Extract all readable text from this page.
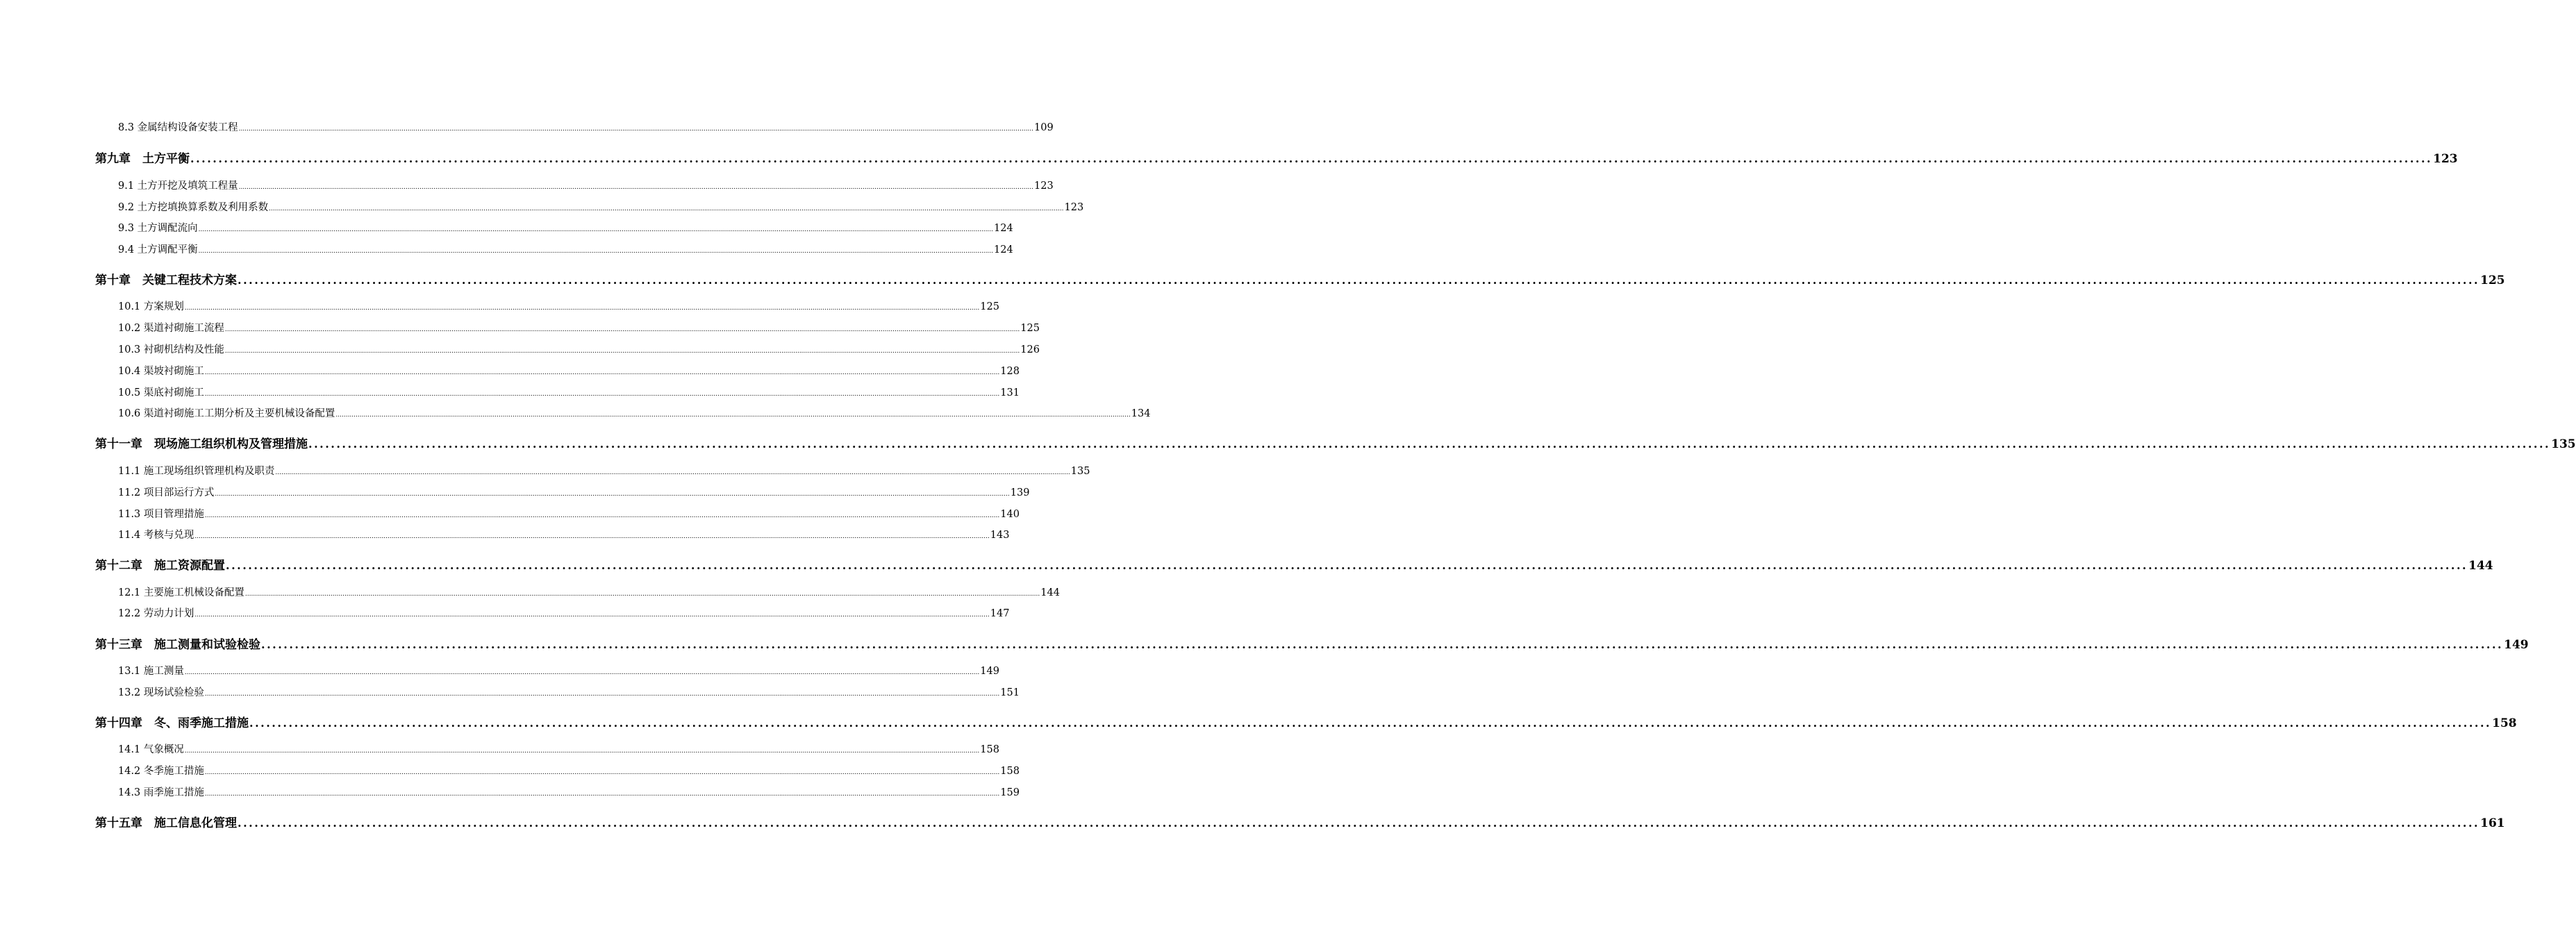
8.3 金属结构设备安装工程 ................................................................................................................................................................................................................................................................................................................................................................................................................ 109
第九章　土方平衡 ................................................................................................................................................................................................................................................................................................................................................................................................................ 123
9.1 土方开挖及填筑工程量 ................................................................................................................................................................................................................................................................................................................................................................................................................ 123
9.2 土方挖填换算系数及利用系数 ................................................................................................................................................................................................................................................................................................................................................................................................................ 123
9.3 土方调配流向 ................................................................................................................................................................................................................................................................................................................................................................................................................ 124
9.4 土方调配平衡 ................................................................................................................................................................................................................................................................................................................................................................................................................ 124
第十章　关键工程技术方案 ................................................................................................................................................................................................................................................................................................................................................................................................................ 125
10.1 方案规划 ................................................................................................................................................................................................................................................................................................................................................................................................................ 125
10.2 渠道衬砌施工流程 ................................................................................................................................................................................................................................................................................................................................................................................................................ 125
10.3 衬砌机结构及性能 ................................................................................................................................................................................................................................................................................................................................................................................................................ 126
10.4 渠坡衬砌施工 ................................................................................................................................................................................................................................................................................................................................................................................................................ 128
10.5 渠底衬砌施工 ................................................................................................................................................................................................................................................................................................................................................................................................................ 131
10.6 渠道衬砌施工工期分析及主要机械设备配置 ................................................................................................................................................................................................................................................................................................................................................................................................................ 134
第十一章　现场施工组织机构及管理措施 ................................................................................................................................................................................................................................................................................................................................................................................................................ 135
11.1 施工现场组织管理机构及职责 ................................................................................................................................................................................................................................................................................................................................................................................................................ 135
11.2 项目部运行方式 ................................................................................................................................................................................................................................................................................................................................................................................................................ 139
11.3 项目管理措施 ................................................................................................................................................................................................................................................................................................................................................................................................................ 140
11.4 考核与兑现 ................................................................................................................................................................................................................................................................................................................................................................................................................ 143
第十二章　施工资源配置 ................................................................................................................................................................................................................................................................................................................................................................................................................ 144
12.1 主要施工机械设备配置 ................................................................................................................................................................................................................................................................................................................................................................................................................ 144
12.2 劳动力计划 ................................................................................................................................................................................................................................................................................................................................................................................................................ 147
第十三章　施工测量和试验检验 ................................................................................................................................................................................................................................................................................................................................................................................................................ 149
13.1 施工测量 ................................................................................................................................................................................................................................................................................................................................................................................................................ 149
13.2 现场试验检验 ................................................................................................................................................................................................................................................................................................................................................................................................................ 151
第十四章　冬、雨季施工措施 ................................................................................................................................................................................................................................................................................................................................................................................................................ 158
14.1 气象概况 ................................................................................................................................................................................................................................................................................................................................................................................................................ 158
14.2 冬季施工措施 ................................................................................................................................................................................................................................................................................................................................................................................................................ 158
14.3 雨季施工措施 ................................................................................................................................................................................................................................................................................................................................................................................................................ 159
第十五章　施工信息化管理 ................................................................................................................................................................................................................................................................................................................................................................................................................ 161
